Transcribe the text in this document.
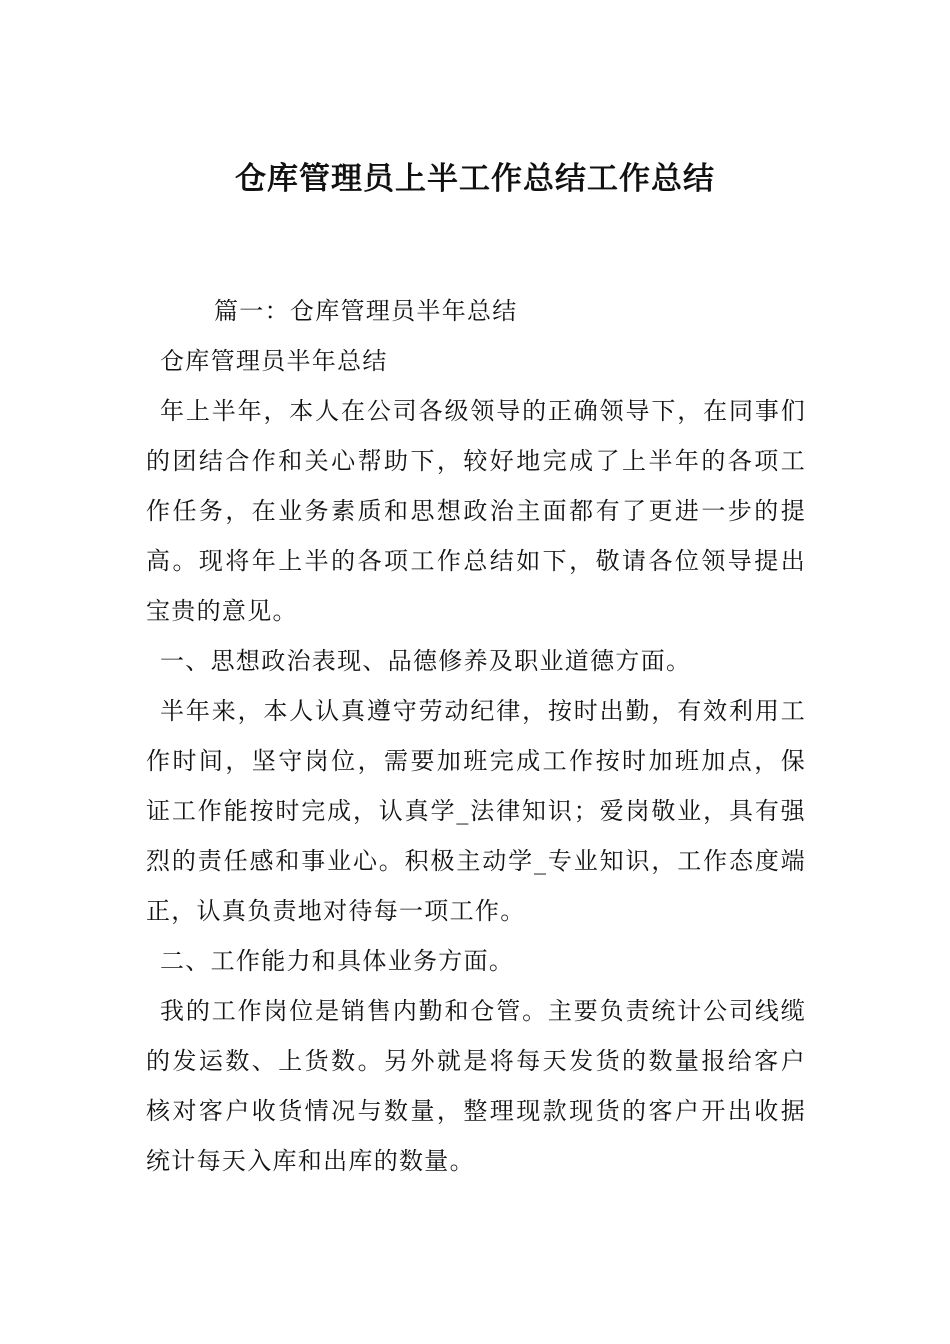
仓库管理员上半工作总结工作总结
篇一：仓库管理员半年总结
仓库管理员半年总结
年上半年，本人在公司各级领导的正确领导下，在同事们
的团结合作和关心帮助下，较好地完成了上半年的各项工
作任务，在业务素质和思想政治主面都有了更进一步的提
高。现将年上半的各项工作总结如下，敬请各位领导提出
宝贵的意见。
一、思想政治表现、品德修养及职业道德方面。
半年来，本人认真遵守劳动纪律，按时出勤，有效利用工
作时间，坚守岗位，需要加班完成工作按时加班加点，保
证工作能按时完成，认真学_法律知识；爱岗敬业，具有强
烈的责任感和事业心。积极主动学_专业知识，工作态度端
正，认真负责地对待每一项工作。
二、工作能力和具体业务方面。
我的工作岗位是销售内勤和仓管。主要负责统计公司线缆
的发运数、上货数。另外就是将每天发货的数量报给客户
核对客户收货情况与数量，整理现款现货的客户开出收据
统计每天入库和出库的数量。
